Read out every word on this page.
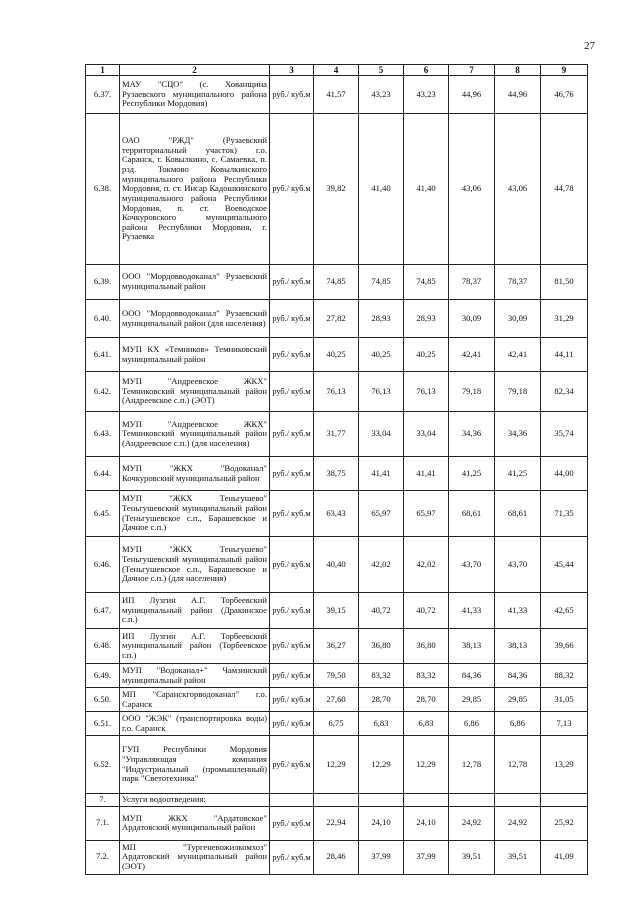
27
1	2	3	4	5	6	7	8	9
6.37.	МАУ "СЦО" (с. Хованщина Рузаевского муниципального района Республики Мордовия)	руб./ куб.м	41,57	43,23	43,23	44,96	44,96	46,76
6.38.	ОАО "РЖД" (Рузаевский территориальный участок) г.о. Саранск, г. Ковылкино, с. Самаевка, п. рзд. Токмово Ковылкинского муниципального района Республики Мордовия, п. ст. Инсар Кадошкинского муниципального района Республики Мордовия, п. ст. Воеводское Кочкуровского муниципального района Республики Мордовия, г. Рузаевка	руб./ куб.м	39,82	41,40	41,40	43,06	43,06	44,78
6.39.	ООО "Мордовводоканал" Рузаевский муниципальный район	руб./ куб.м	74,85	74,85	74,85	78,37	78,37	81,50
6.40.	ООО "Мордовводоканал" Рузаевский муниципальный район (для населения)	руб./ куб.м	27,82	28,93	28,93	30,09	30,09	31,29
6.41.	МУП КХ «Темников» Темниковский муниципальный район	руб./ куб.м	40,25	40,25	40,25	42,41	42,41	44,11
6.42.	МУП "Андреевское ЖКХ" Темниковский муниципальный район (Андреевское с.п.) (ЭОТ)	руб./ куб.м	76,13	76,13	76,13	79,18	79,18	82,34
6.43.	МУП "Андреевское ЖКХ" Темниковский муниципальный район (Андреевское с.п.) (для населения)	руб./ куб.м	31,77	33,04	33,04	34,36	34,36	35,74
6.44.	МУП "ЖКХ "Водоканал" Кочкуровский муниципальный район	руб./ куб.м	38,75	41,41	41,41	41,25	41,25	44,00
6.45.	МУП "ЖКХ Теньгушево" Теньгушевский муниципальный район (Теньгушевское с.п., Барашевское и Дачное с.п.)	руб./ куб.м	63,43	65,97	65,97	68,61	68,61	71,35
6.46.	МУП "ЖКХ Теньгушево" Теньгушевский муниципальный район (Теньгушевское с.п., Барашевское и Дачное с.п.) (для населения)	руб./ куб.м	40,40	42,02	42,02	43,70	43,70	45,44
6.47.	ИП Лузгин А.Г. Торбеевский муниципальный район (Дракинское с.п.)	руб./ куб.м	39,15	40,72	40,72	41,33	41,33	42,65
6.48.	ИП Лузгин А.Г. Торбеевский муниципальный район (Торбеевское г.п.)	руб./ куб.м	36,27	36,80	36,80	38,13	38,13	39,66
6.49.	МУП "Водоканал+" Чамзинский муниципальный район	руб./ куб.м	79,50	83,32	83,32	84,36	84,36	88,32
6.50.	МП "Саранскгорводоканал" г.о. Саранск	руб./ куб.м	27,60	28,70	28,70	29,85	29,85	31,05
6.51.	ООО "ЖЭК" (транспортировка воды) г.о. Саранск	руб./ куб.м	6,75	6,83	6,83	6,86	6,86	7,13
6.52.	ГУП Республики Мордовия "Управляющая компания "Индустриальный (промышленный) парк "Светотехника"	руб./ куб.м	12,29	12,29	12,29	12,78	12,78	13,29
7.	Услуги водоотведения:							
7.1.	МУП ЖКХ "Ардатовское" Ардатовский муниципальный район	руб./ куб.м	22,94	24,10	24,10	24,92	24,92	25,92
7.2.	МП "Тургеневожилкомхоз" Ардатовский муниципальный район (ЭОТ)	руб./ куб.м	28,46	37,99	37,99	39,51	39,51	41,09
